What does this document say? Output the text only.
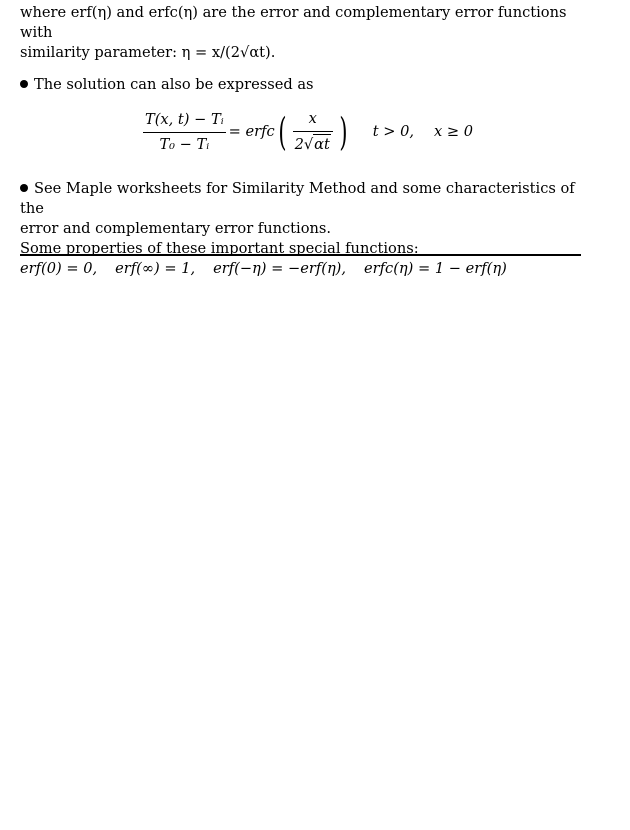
where erf(η) and erfc(η) are the error and complementary error functions with

similarity parameter: η = x/(2√αt).

The solution can also be expressed as

$\frac{\text{T(x, t) − Tᵢ}}{\text{T₀ − Tᵢ}}$ = erfc ( $\frac{x}{2√\alpha t}$ ) t > 0, x ≥ 0

See Maple worksheets for Similarity Method and some characteristics of the

error and complementary error functions.

Some properties of these important special functions:

erf(0) = 0, erf(∞) = 1, erf(−η) = −erf(η), erfc(η) = 1 − erf(η)
